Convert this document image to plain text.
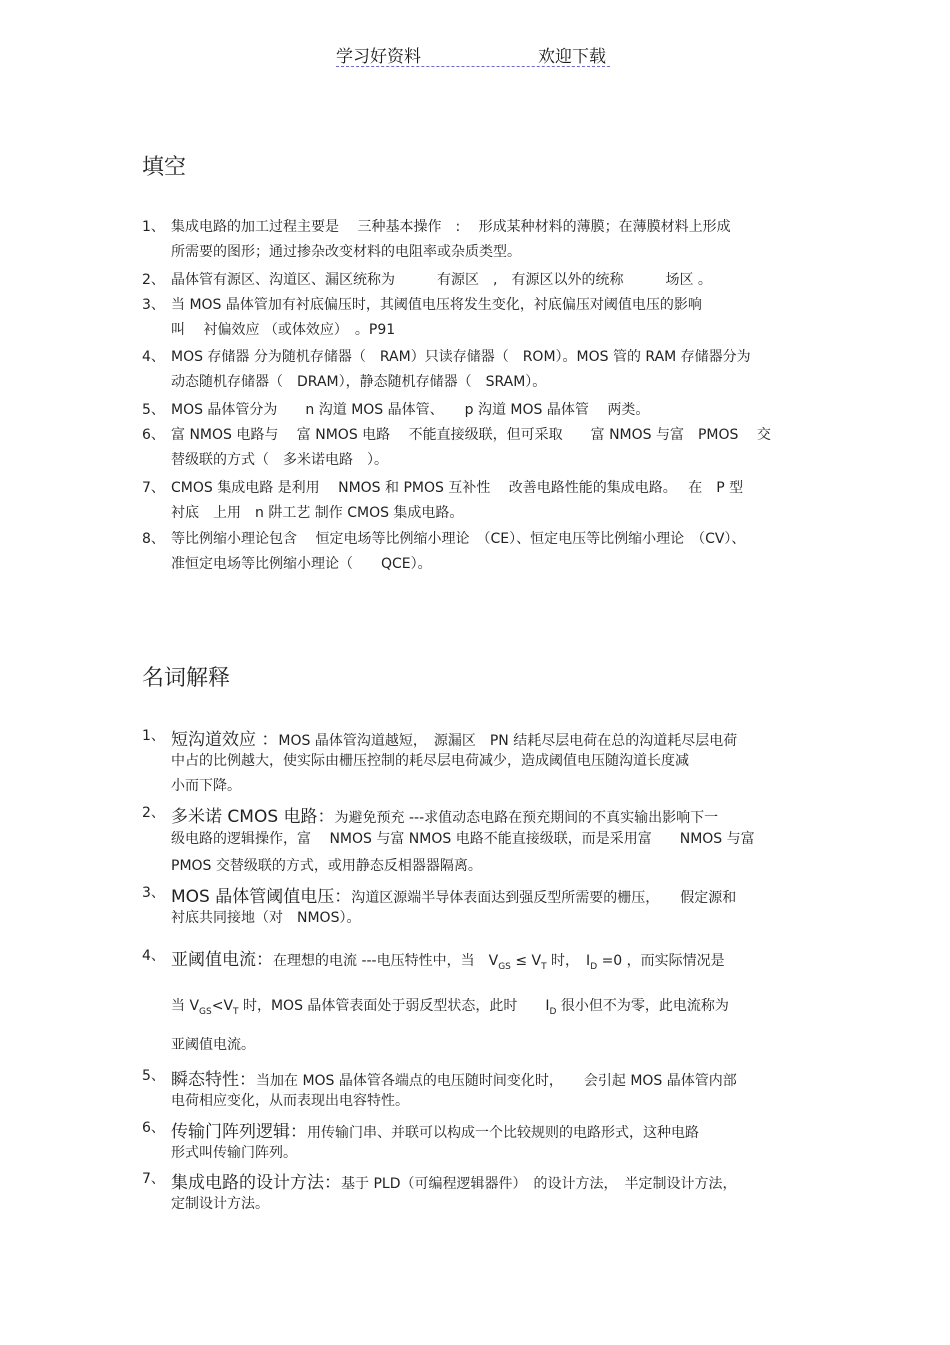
学习好资料	欢迎下载
填空
1、 集成电路的加工过程主要是　 三种基本操作　:　 形成某种材料的薄膜；在薄膜材料上形成
所需要的图形；通过掺杂改变材料的电阻率或杂质类型。
2、 晶体管有源区、沟道区、漏区统称为　　　有源区　,　有源区以外的统称　　　场区 。
3、 当 MOS 晶体管加有衬底偏压时，其阈值电压将发生变化，衬底偏压对阈值电压的影响
叫　 衬偏效应 （或体效应）　。P91
4、 MOS 存储器 分为随机存储器（　RAM）只读存储器（　ROM）。MOS 管的 RAM 存储器分为
动态随机存储器（　DRAM），静态随机存储器（　SRAM）。
5、 MOS 晶体管分为　　n 沟道 MOS 晶体管、　　p 沟道 MOS 晶体管　 两类。
6、 富 NMOS 电路与　 富 NMOS 电路　 不能直接级联，但可采取　　富 NMOS 与富　PMOS　 交
替级联的方式（　多米诺电路　）。
7、 CMOS 集成电路 是利用　 NMOS 和 PMOS 互补性　 改善电路性能的集成电路。　 在　P 型
衬底　上用　n 阱工艺 制作 CMOS 集成电路。
8、 等比例缩小理论包含　 恒定电场等比例缩小理论　（CE）、恒定电压等比例缩小理论　（CV）、
准恒定电场等比例缩小理论（　　QCE）。
名词解释
1、 短沟道效应 ：MOS 晶体管沟道越短，　源漏区　PN 结耗尽层电荷在总的沟道耗尽层电荷
中占的比例越大，使实际由栅压控制的耗尽层电荷减少，造成阈值电压随沟道长度减
小而下降。
2、 多米诺 CMOS 电路：为避免预充 ---求值动态电路在预充期间的不真实输出影响下一
级电路的逻辑操作，富　 NMOS 与富 NMOS 电路不能直接级联，而是采用富　　NMOS 与富
PMOS 交替级联的方式，或用静态反相器器隔离。
3、 MOS 晶体管阈值电压：沟道区源端半导体表面达到强反型所需要的栅压，　　假定源和
衬底共同接地（对　NMOS）。
4、 亚阈值电流：在理想的电流 ---电压特性中，当　$V_{GS} \le V_T$ 时，　$I_D =0$ ，而实际情况是
当 $V_{GS}<V_T$ 时，MOS 晶体管表面处于弱反型状态，此时　　$I_D$ 很小但不为零，此电流称为
亚阈值电流。
5、 瞬态特性：当加在 MOS 晶体管各端点的电压随时间变化时，　　会引起 MOS 晶体管内部
电荷相应变化，从而表现出电容特性。
6、 传输门阵列逻辑：用传输门串、并联可以构成一个比较规则的电路形式，这种电路
形式叫传输门阵列。
7、 集成电路的设计方法：基于 PLD（可编程逻辑器件）　的设计方法，　半定制设计方法，
定制设计方法。
